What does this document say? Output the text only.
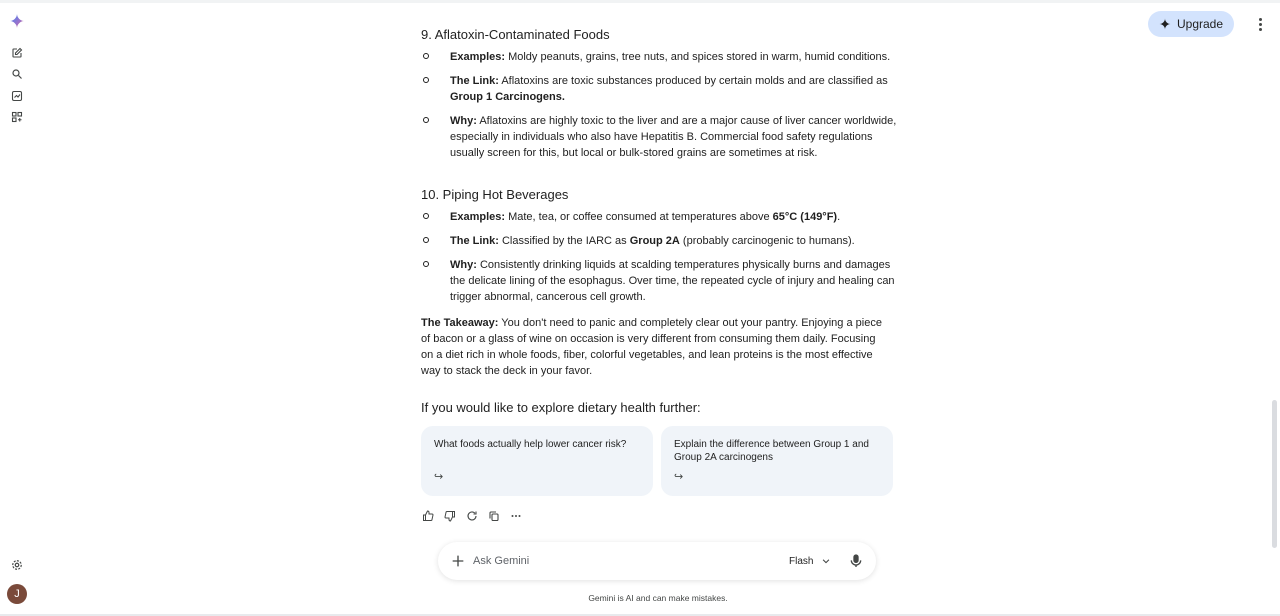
J
Upgrade
9. Aflatoxin-Contaminated Foods
Examples: Moldy peanuts, grains, tree nuts, and spices stored in warm, humid conditions.
The Link: Aflatoxins are toxic substances produced by certain molds and are classified as Group 1 Carcinogens.
Why: Aflatoxins are highly toxic to the liver and are a major cause of liver cancer worldwide, especially in individuals who also have Hepatitis B. Commercial food safety regulations usually screen for this, but local or bulk-stored grains are sometimes at risk.
10. Piping Hot Beverages
Examples: Mate, tea, or coffee consumed at temperatures above 65°C (149°F).
The Link: Classified by the IARC as Group 2A (probably carcinogenic to humans).
Why: Consistently drinking liquids at scalding temperatures physically burns and damages the delicate lining of the esophagus. Over time, the repeated cycle of injury and healing can trigger abnormal, cancerous cell growth.
The Takeaway: You don't need to panic and completely clear out your pantry. Enjoying a piece of bacon or a glass of wine on occasion is very different from consuming them daily. Focusing on a diet rich in whole foods, fiber, colorful vegetables, and lean proteins is the most effective way to stack the deck in your favor.
If you would like to explore dietary health further:
What foods actually help lower cancer risk?
↪
Explain the difference between Group 1 and Group 2A carcinogens
↪
Ask Gemini
Flash
Gemini is AI and can make mistakes.
